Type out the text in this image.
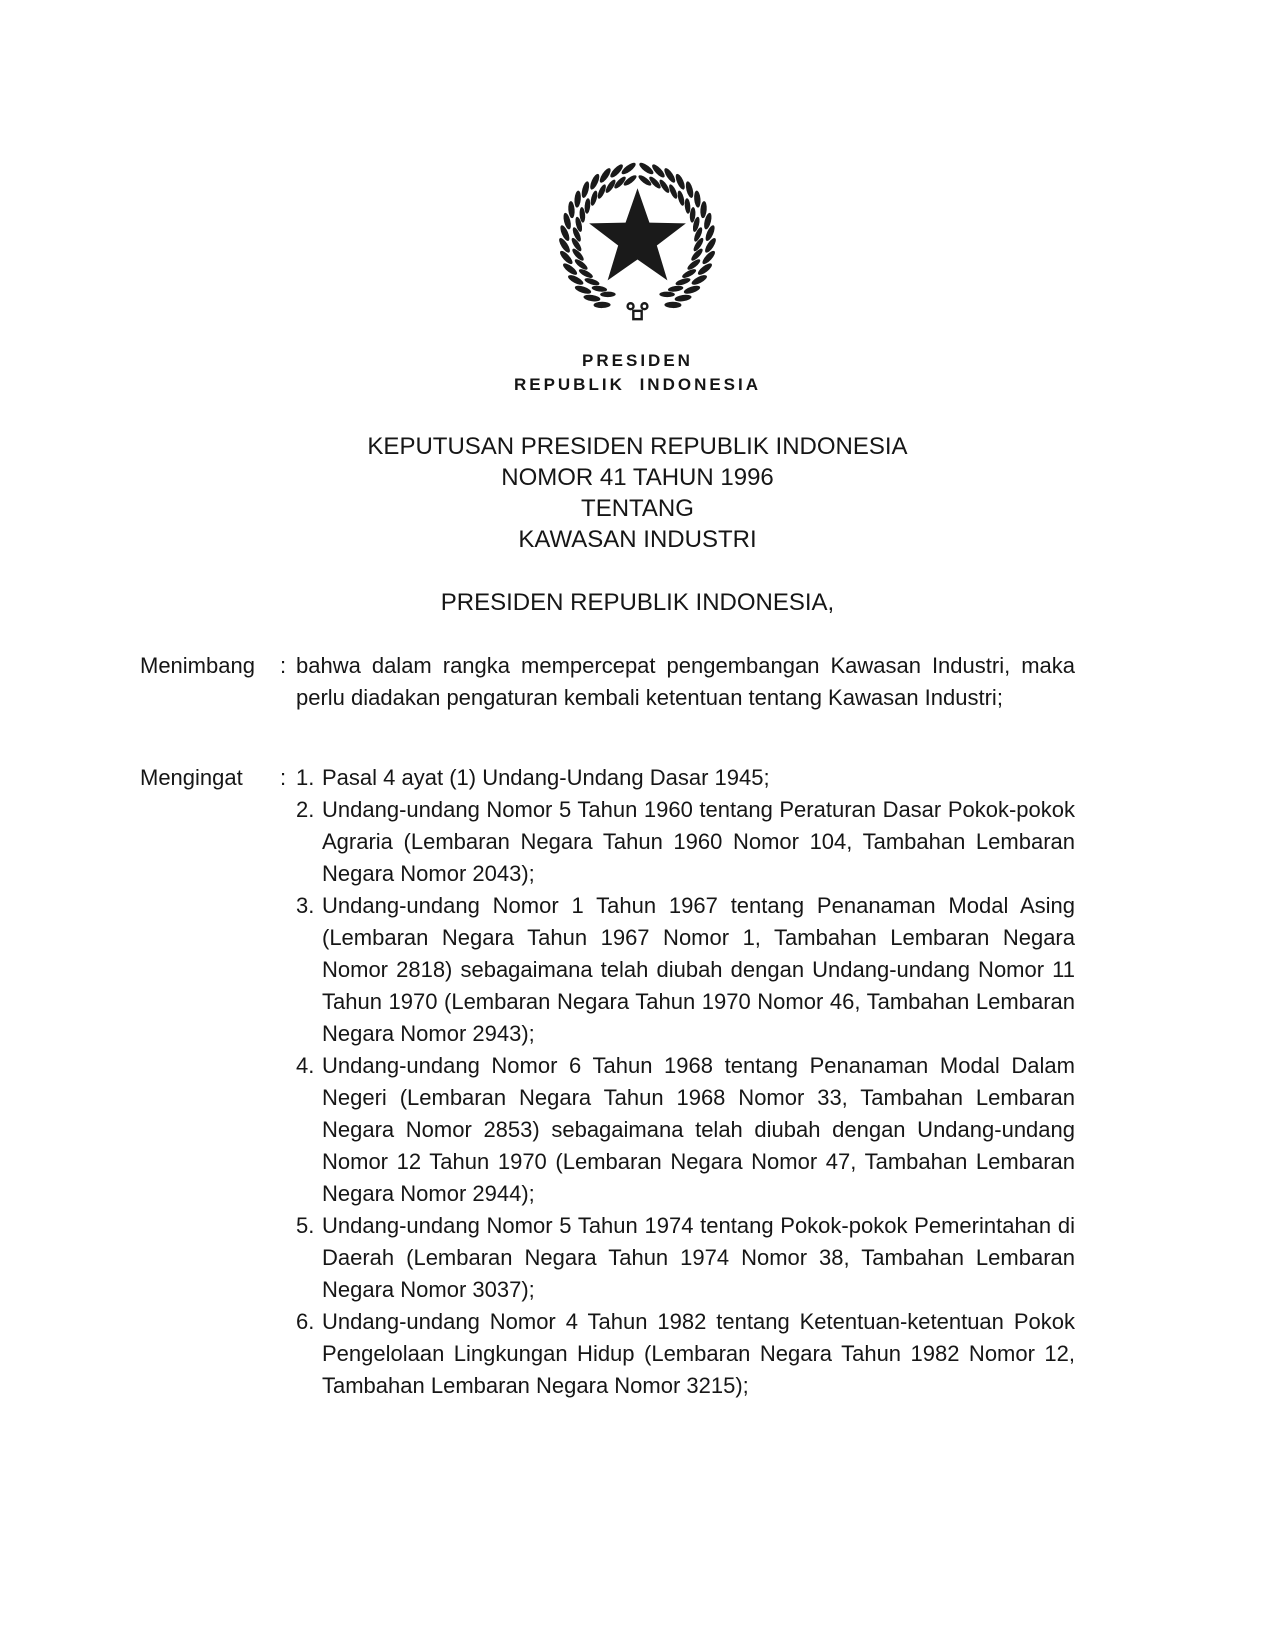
PRESIDEN
REPUBLIK INDONESIA
KEPUTUSAN PRESIDEN REPUBLIK INDONESIA
NOMOR 41 TAHUN 1996
TENTANG
KAWASAN INDUSTRI
PRESIDEN REPUBLIK INDONESIA,
Menimbang	: bahwa dalam rangka mempercepat pengembangan Kawasan Industri, maka perlu diadakan pengaturan kembali ketentuan tentang Kawasan Industri;
Mengingat	: 1. Pasal 4 ayat (1) Undang-Undang Dasar 1945;
2. Undang-undang Nomor 5 Tahun 1960 tentang Peraturan Dasar Pokok-pokok Agraria (Lembaran Negara Tahun 1960 Nomor 104, Tambahan Lembaran Negara Nomor 2043);
3. Undang-undang Nomor 1 Tahun 1967 tentang Penanaman Modal Asing (Lembaran Negara Tahun 1967 Nomor 1, Tambahan Lembaran Negara Nomor 2818) sebagaimana telah diubah dengan Undang-undang Nomor 11 Tahun 1970 (Lembaran Negara Tahun 1970 Nomor 46, Tambahan Lembaran Negara Nomor 2943);
4. Undang-undang Nomor 6 Tahun 1968 tentang Penanaman Modal Dalam Negeri (Lembaran Negara Tahun 1968 Nomor 33, Tambahan Lembaran Negara Nomor 2853) sebagaimana telah diubah dengan Undang-undang Nomor 12 Tahun 1970 (Lembaran Negara Nomor 47, Tambahan Lembaran Negara Nomor 2944);
5. Undang-undang Nomor 5 Tahun 1974 tentang Pokok-pokok Pemerintahan di Daerah (Lembaran Negara Tahun 1974 Nomor 38, Tambahan Lembaran Negara Nomor 3037);
6. Undang-undang Nomor 4 Tahun 1982 tentang Ketentuan-ketentuan Pokok Pengelolaan Lingkungan Hidup (Lembaran Negara Tahun 1982 Nomor 12, Tambahan Lembaran Negara Nomor 3215);
